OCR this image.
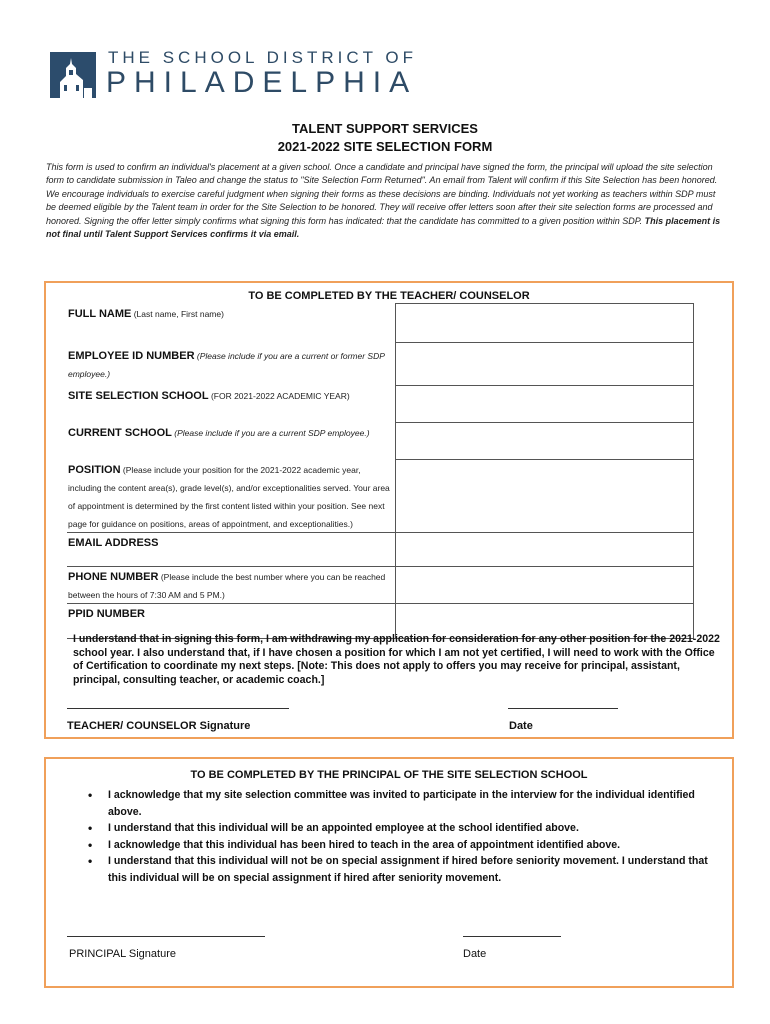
THE SCHOOL DISTRICT OF
PHILADELPHIA
TALENT SUPPORT SERVICES
2021-2022 SITE SELECTION FORM
This form is used to confirm an individual's placement at a given school. Once a candidate and principal have signed the form, the principal will upload the site selection form to candidate submission in Taleo and change the status to "Site Selection Form Returned". An email from Talent will confirm if this Site Selection has been honored. We encourage individuals to exercise careful judgment when signing their forms as these decisions are binding. Individuals not yet working as teachers within SDP must be deemed eligible by the Talent team in order for the Site Selection to be honored. They will receive offer letters soon after their site selection forms are processed and honored. Signing the offer letter simply confirms what signing this form has indicated: that the candidate has committed to a given position within SDP. This placement is not final until Talent Support Services confirms it via email.
TO BE COMPLETED BY THE TEACHER/ COUNSELOR
FULL NAME (Last name, First name)	
EMPLOYEE ID NUMBER (Please include if you are a current or former SDP employee.)	
SITE SELECTION SCHOOL (FOR 2021-2022 ACADEMIC YEAR)	
CURRENT SCHOOL (Please include if you are a current SDP employee.)	
POSITION (Please include your position for the 2021-2022 academic year, including the content area(s), grade level(s), and/or exceptionalities served. Your area of appointment is determined by the first content listed within your position. See next page for guidance on positions, areas of appointment, and exceptionalities.)	
EMAIL ADDRESS	
PHONE NUMBER (Please include the best number where you can be reached between the hours of 7:30 AM and 5 PM.)	
PPID NUMBER	
I understand that in signing this form, I am withdrawing my application for consideration for any other position for the 2021-2022 school year. I also understand that, if I have chosen a position for which I am not yet certified, I will need to work with the Office of Certification to coordinate my next steps. [Note: This does not apply to offers you may receive for principal, assistant, principal, consulting teacher, or academic coach.]
TEACHER/ COUNSELOR Signature	Date
TO BE COMPLETED BY THE PRINCIPAL OF THE SITE SELECTION SCHOOL
• I acknowledge that my site selection committee was invited to participate in the interview for the individual identified above.
• I understand that this individual will be an appointed employee at the school identified above.
• I acknowledge that this individual has been hired to teach in the area of appointment identified above.
• I understand that this individual will not be on special assignment if hired before seniority movement. I understand that this individual will be on special assignment if hired after seniority movement.
PRINCIPAL Signature	Date
